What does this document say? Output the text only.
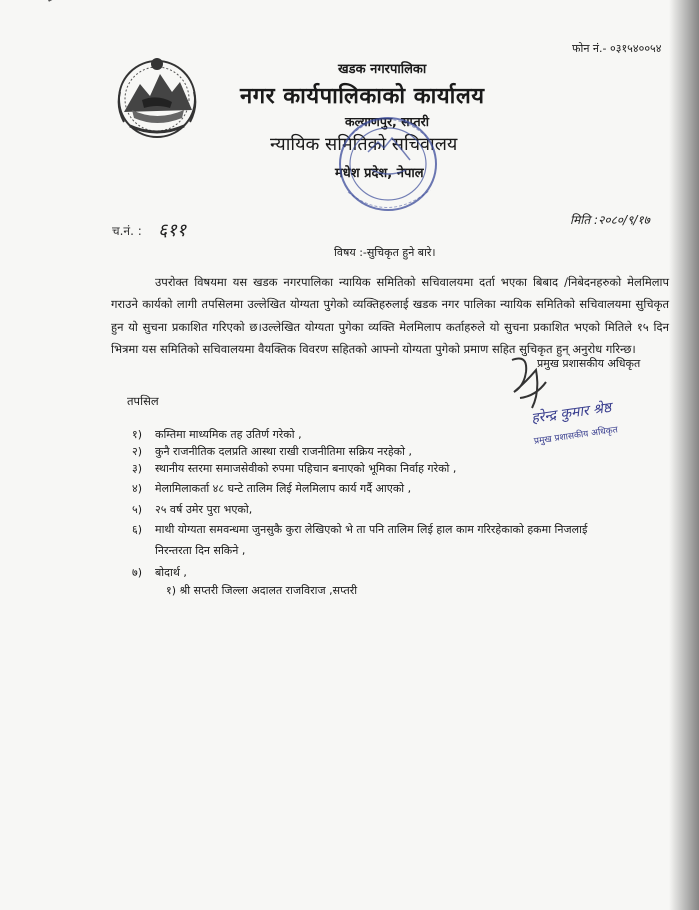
फोन नं.- ०३१५४००५४
खडक नगरपालिका
नगर कार्यपालिकाको कार्यालय
कल्याणपुर, सप्तरी
न्यायिक समितिको सचिवालय
मधेश प्रदेश, नेपाल
च.नं. : ६११	मिति :२०८०/९/१७
विषय :-सुचिकृत हुने बारे।
उपरोक्त विषयमा यस खडक नगरपालिका न्यायिक समितिको सचिवालयमा दर्ता भएका बिबाद /निबेदनहरुको मेलमिलाप गराउने कार्यको लागी तपसिलमा उल्लेखित योग्यता पुगेको व्यक्तिहरुलाई खडक नगर पालिका न्यायिक समितिको सचिवालयमा सुचिकृत हुन यो सुचना प्रकाशित गरिएको छ।उल्लेखित योग्यता पुगेका व्यक्ति मेलमिलाप कर्ताहरुले यो सुचना प्रकाशित भएको मितिले १५ दिन भित्रमा यस समितिको सचिवालयमा वैयक्तिक विवरण सहितको आफ्नो योग्यता पुगेको प्रमाण सहित सुचिकृत हुन् अनुरोध गरिन्छ।
प्रमुख प्रशासकीय अधिकृत
हरेन्द्र कुमार श्रेष्ठ
प्रमुख प्रशासकीय अधिकृत
तपसिल
१) कम्तिमा माध्यमिक तह उतिर्ण गरेको ,
२) कुनै राजनीतिक दलप्रति आस्था राखी राजनीतिमा सक्रिय नरहेको ,
३) स्थानीय स्तरमा समाजसेवीको रुपमा पहिचान बनाएको भूमिका निर्वाह गरेको ,
४) मेलामिलाकर्ता ४८ घन्टे तालिम लिई मेलमिलाप कार्य गर्दै आएको ,
५) २५ वर्ष उमेर पुरा भएको,
६) माथी योग्यता समवन्धमा जुनसुकै कुरा लेखिएको भे ता पनि तालिम लिई हाल काम गरिरहेकाको हकमा निजलाई
निरन्तरता दिन सकिने ,
७) बोदार्थ ,
१) श्री सप्तरी जिल्ला अदालत राजविराज ,सप्तरी
